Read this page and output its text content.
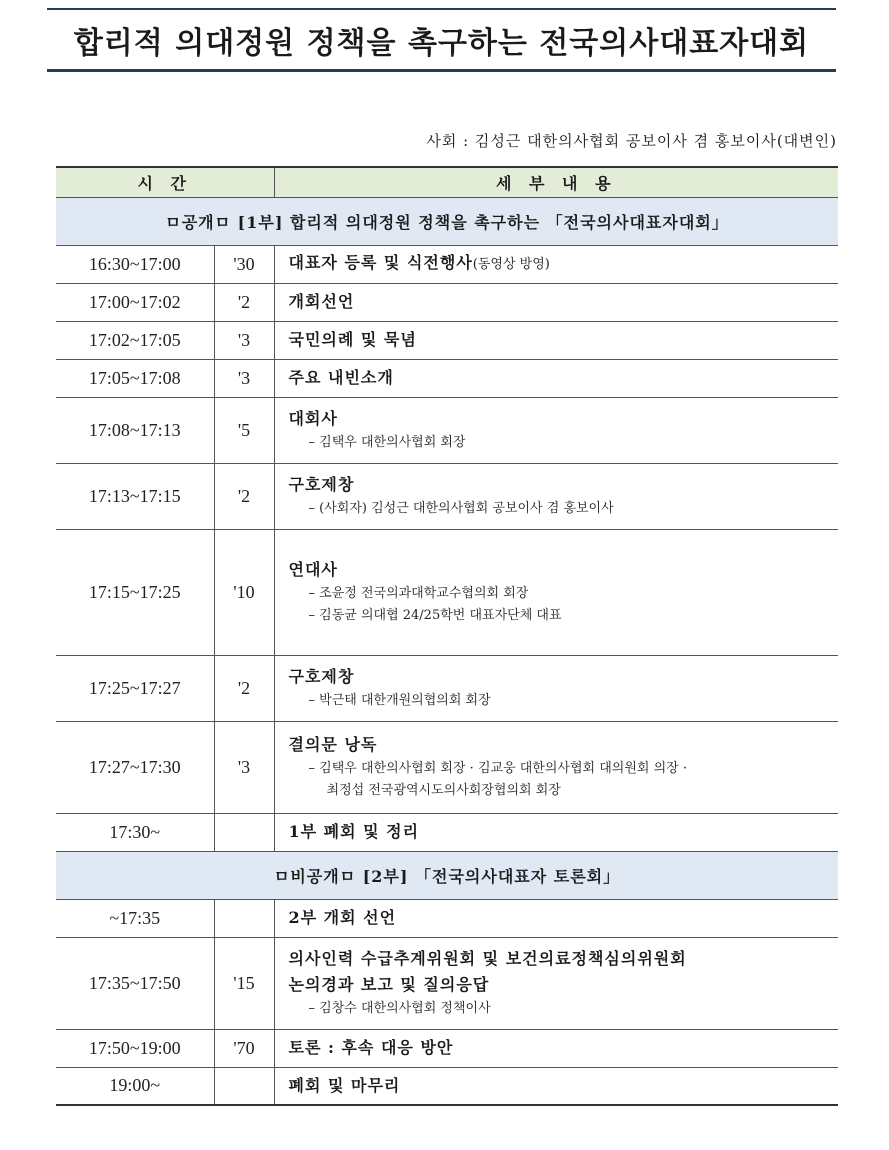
합리적 의대정원 정책을 촉구하는 전국의사대표자대회
사회 : 김성근 대한의사협회 공보이사 겸 홍보이사(대변인)
시 간		세 부 내 용
ㅁ공개ㅁ [1부] 합리적 의대정원 정책을 촉구하는 「전국의사대표자대회」		
16:30~17:00	'30	대표자 등록 및 식전행사(동영상 방영)

17:00~17:02	'2	개회선언

17:02~17:05	'3	국민의례 및 묵념

17:05~17:08	'3	주요 내빈소개

17:08~17:13	'5	대회사
– 김택우 대한의사협회 회장

17:13~17:15	'2	구호제창
– (사회자) 김성근 대한의사협회 공보이사 겸 홍보이사

17:15~17:25	'10	연대사
– 조윤정 전국의과대학교수협의회 회장
– 김동균 의대협 24/25학번 대표자단체 대표

17:25~17:27	'2	구호제창
– 박근태 대한개원의협의회 회장

17:27~17:30	'3	결의문 낭독
– 김택우 대한의사협회 회장 · 김교웅 대한의사협회 대의원회 의장 ·
최정섭 전국광역시도의사회장협의회 회장

17:30~		1부 폐회 및 정리

ㅁ비공개ㅁ [2부] 「전국의사대표자 토론회」		
~17:35		2부 개회 선언

17:35~17:50	'15	의사인력 수급추계위원회 및 보건의료정책심의위원회
논의경과 보고 및 질의응답
– 김창수 대한의사협회 정책이사

17:50~19:00	'70	토론 : 후속 대응 방안

19:00~		폐회 및 마무리
